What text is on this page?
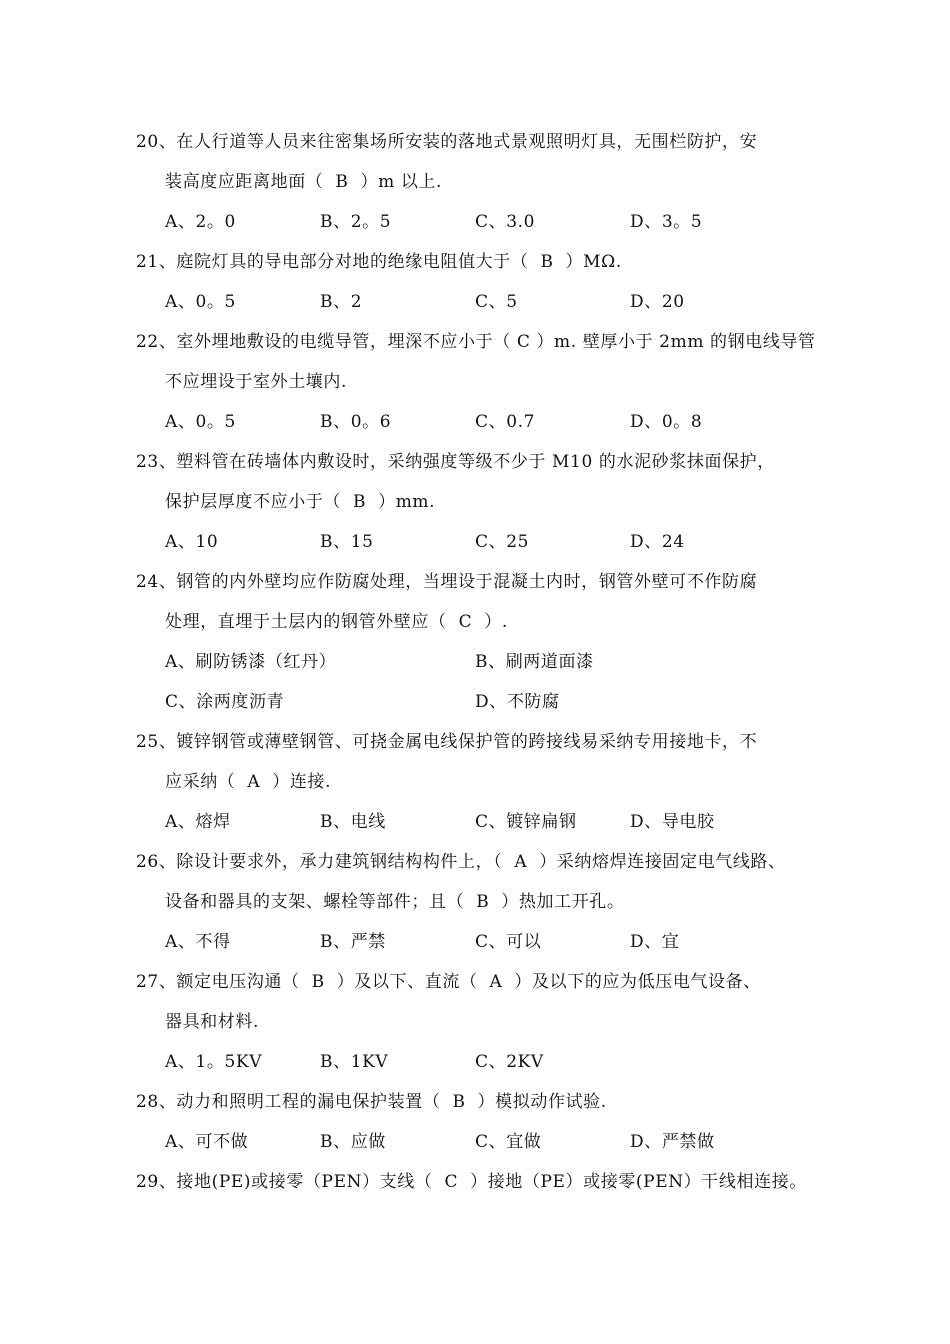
20、在人行道等人员来往密集场所安装的落地式景观照明灯具，无围栏防护，安
装高度应距离地面（  B  ）m 以上.
A、2。0	B、2。5	C、3.0	D、3。5
21、庭院灯具的导电部分对地的绝缘电阻值大于（  B  ）MΩ.
A、0。5	B、2	C、5	D、20
22、室外埋地敷设的电缆导管，埋深不应小于（ C ）m. 壁厚小于 2mm 的钢电线导管
不应埋设于室外土壤内.
A、0。5	B、0。6	C、0.7	D、0。8
23、塑料管在砖墙体内敷设时，采纳强度等级不少于 M10 的水泥砂浆抹面保护，
保护层厚度不应小于（  B  ）mm.
A、10	B、15	C、25	D、24
24、钢管的内外壁均应作防腐处理，当埋设于混凝土内时，钢管外壁可不作防腐
处理，直埋于土层内的钢管外壁应（  C  ）.
A、刷防锈漆（红丹）	B、刷两道面漆
C、涂两度沥青	D、不防腐
25、镀锌钢管或薄壁钢管、可挠金属电线保护管的跨接线易采纳专用接地卡，不
应采纳（  A  ）连接.
A、熔焊	B、电线	C、镀锌扁钢	D、导电胶
26、除设计要求外，承力建筑钢结构构件上，（  A  ）采纳熔焊连接固定电气线路、
设备和器具的支架、螺栓等部件；且（  B  ）热加工开孔。
A、不得	B、严禁	C、可以	D、宜
27、额定电压沟通（  B  ）及以下、直流（  A  ）及以下的应为低压电气设备、
器具和材料.
A、1。5KV	B、1KV	C、2KV
28、动力和照明工程的漏电保护装置（  B  ）模拟动作试验.
A、可不做	B、应做	C、宜做	D、严禁做
29、接地(PE)或接零（PEN）支线（  C  ）接地（PE）或接零(PEN）干线相连接。
